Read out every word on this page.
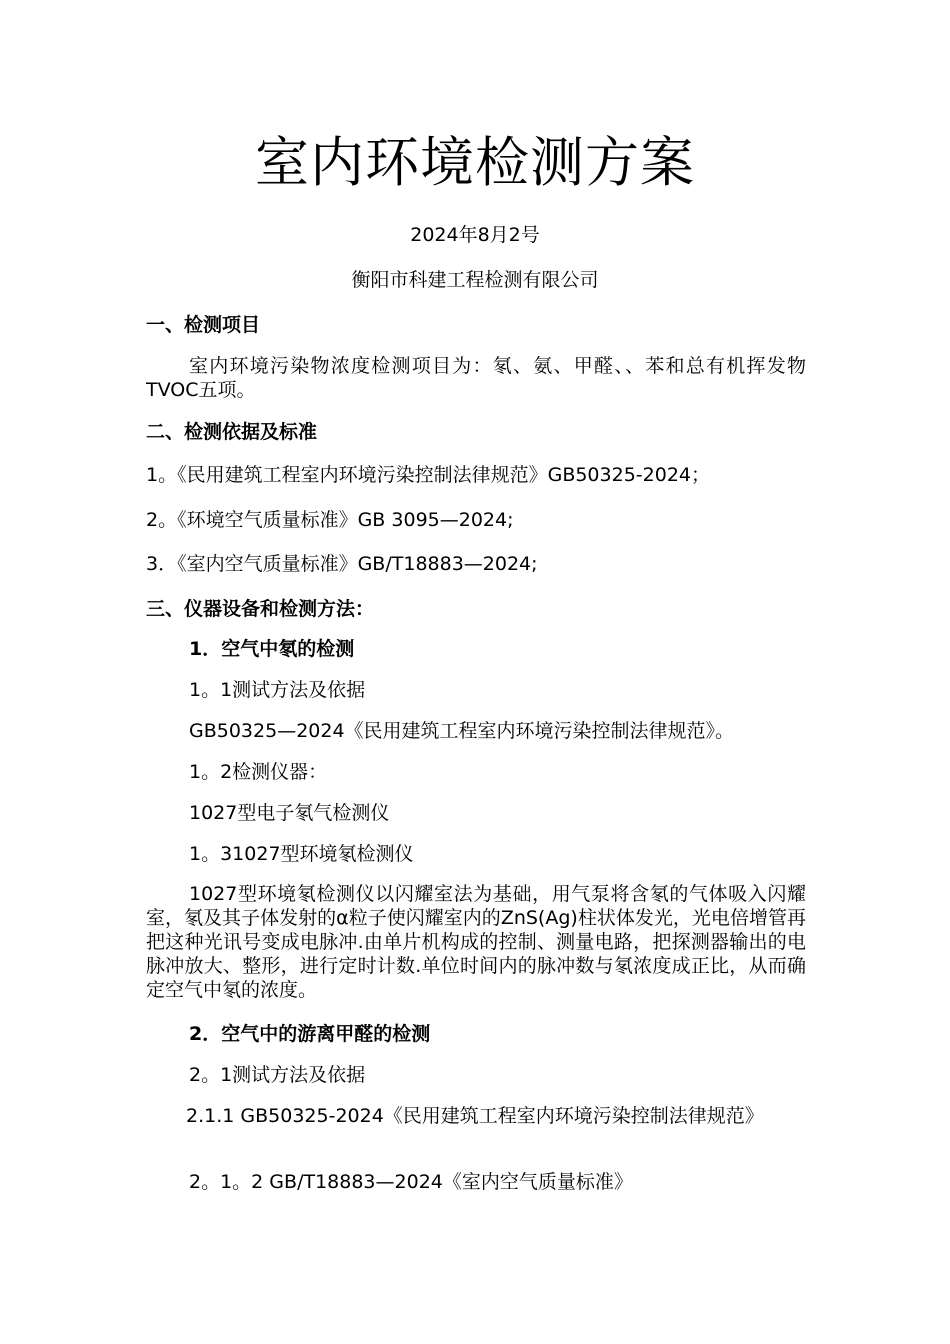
室内环境检测方案
2024年8月2号
衡阳市科建工程检测有限公司
一、检测项目
室内环境污染物浓度检测项目为：氡、氨、甲醛、、苯和总有机挥发物TVOC五项。
二、检测依据及标准
1。《民用建筑工程室内环境污染控制法律规范》GB50325-2024；
2。《环境空气质量标准》GB 3095—2024;
3．《室内空气质量标准》GB/T18883—2024;
三、仪器设备和检测方法：
1．空气中氡的检测
1。1测试方法及依据
GB50325—2024《民用建筑工程室内环境污染控制法律规范》。
1。2检测仪器：
1027型电子氡气检测仪
1。31027型环境氡检测仪
1027型环境氡检测仪以闪耀室法为基础，用气泵将含氡的气体吸入闪耀室，氡及其子体发射的α粒子使闪耀室内的ZnS(Ag)柱状体发光，光电倍增管再把这种光讯号变成电脉冲.由单片机构成的控制、测量电路，把探测器输出的电脉冲放大、整形，进行定时计数.单位时间内的脉冲数与氡浓度成正比，从而确定空气中氡的浓度。
2．空气中的游离甲醛的检测
2。1测试方法及依据
2.1.1 GB50325-2024《民用建筑工程室内环境污染控制法律规范》
2。1。2 GB/T18883—2024《室内空气质量标准》
